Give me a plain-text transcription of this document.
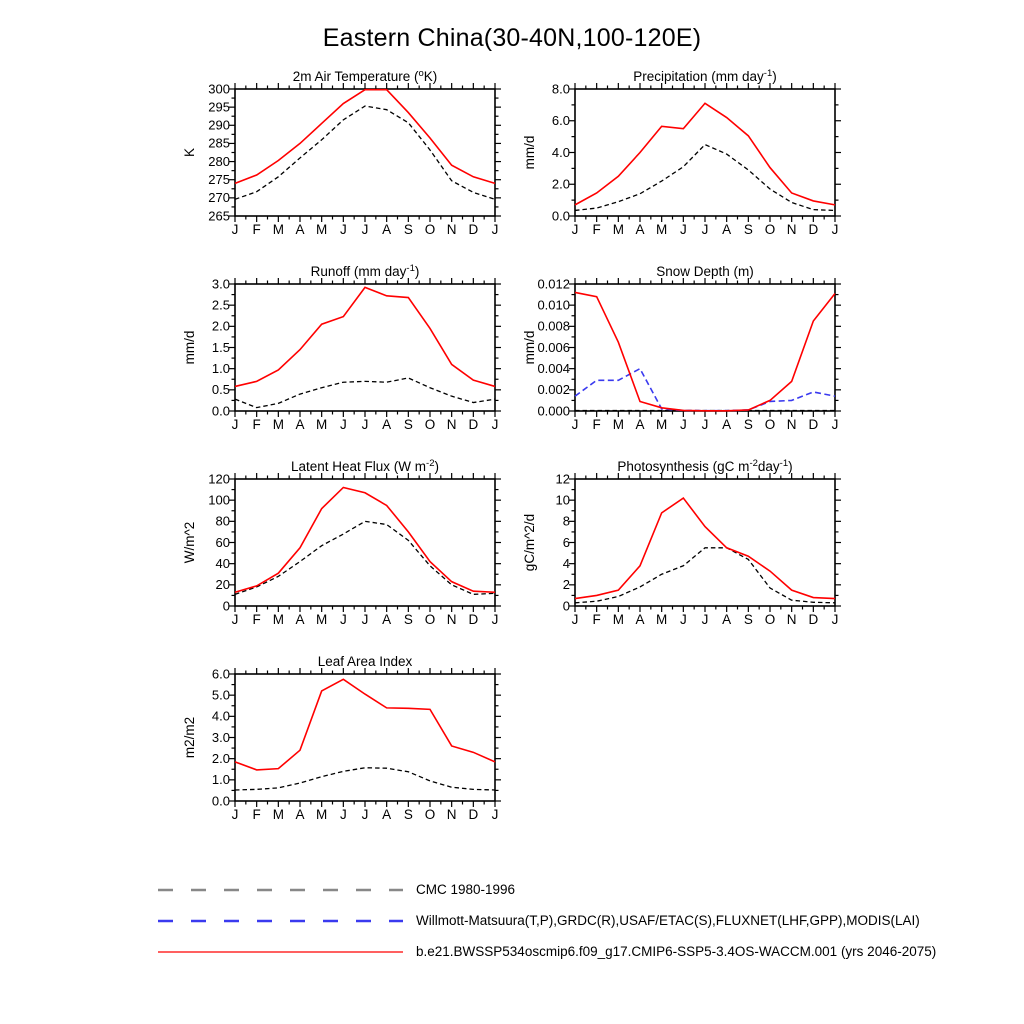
Eastern China(30-40N,100-120E)
2m Air Temperature ($^o$K)
K
J F M A M J J A S O N D J
265
270
275
280
285
290
295
300
Precipitation (mm day$^{-1}$)
mm/d
J F M A M J J A S O N D J
0.0
2.0
4.0
6.0
8.0
Runoff (mm day$^{-1}$)
mm/d
J F M A M J J A S O N D J
0.0
0.5
1.0
1.5
2.0
2.5
3.0
Snow Depth (m)
mm/d
J F M A M J J A S O N D J
0.000
0.002
0.004
0.006
0.008
0.010
0.012
Latent Heat Flux (W $m^{-2}$)
W/m^2
J F M A M J J A S O N D J
0
20
40
60
80
100
120
Photosynthesis (gC $m^{-2}day^{-1}$)
gC/m^2/d
J F M A M J J A S O N D J
0
2
4
6
8
10
12
Leaf Area Index
m2/m2
J F M A M J J A S O N D J
0.0
1.0
2.0
3.0
4.0
5.0
6.0
CMC 1980-1996
Willmott-Matsuura(T,P),GRDC(R),USAF/ETAC(S),FLUXNET(LHF,GPP),MODIS(LAI)
b.e21.BWSSP534oscmip6.f09_g17.CMIP6-SSP5-3.4OS-WACCM.001 (yrs 2046-2075)
